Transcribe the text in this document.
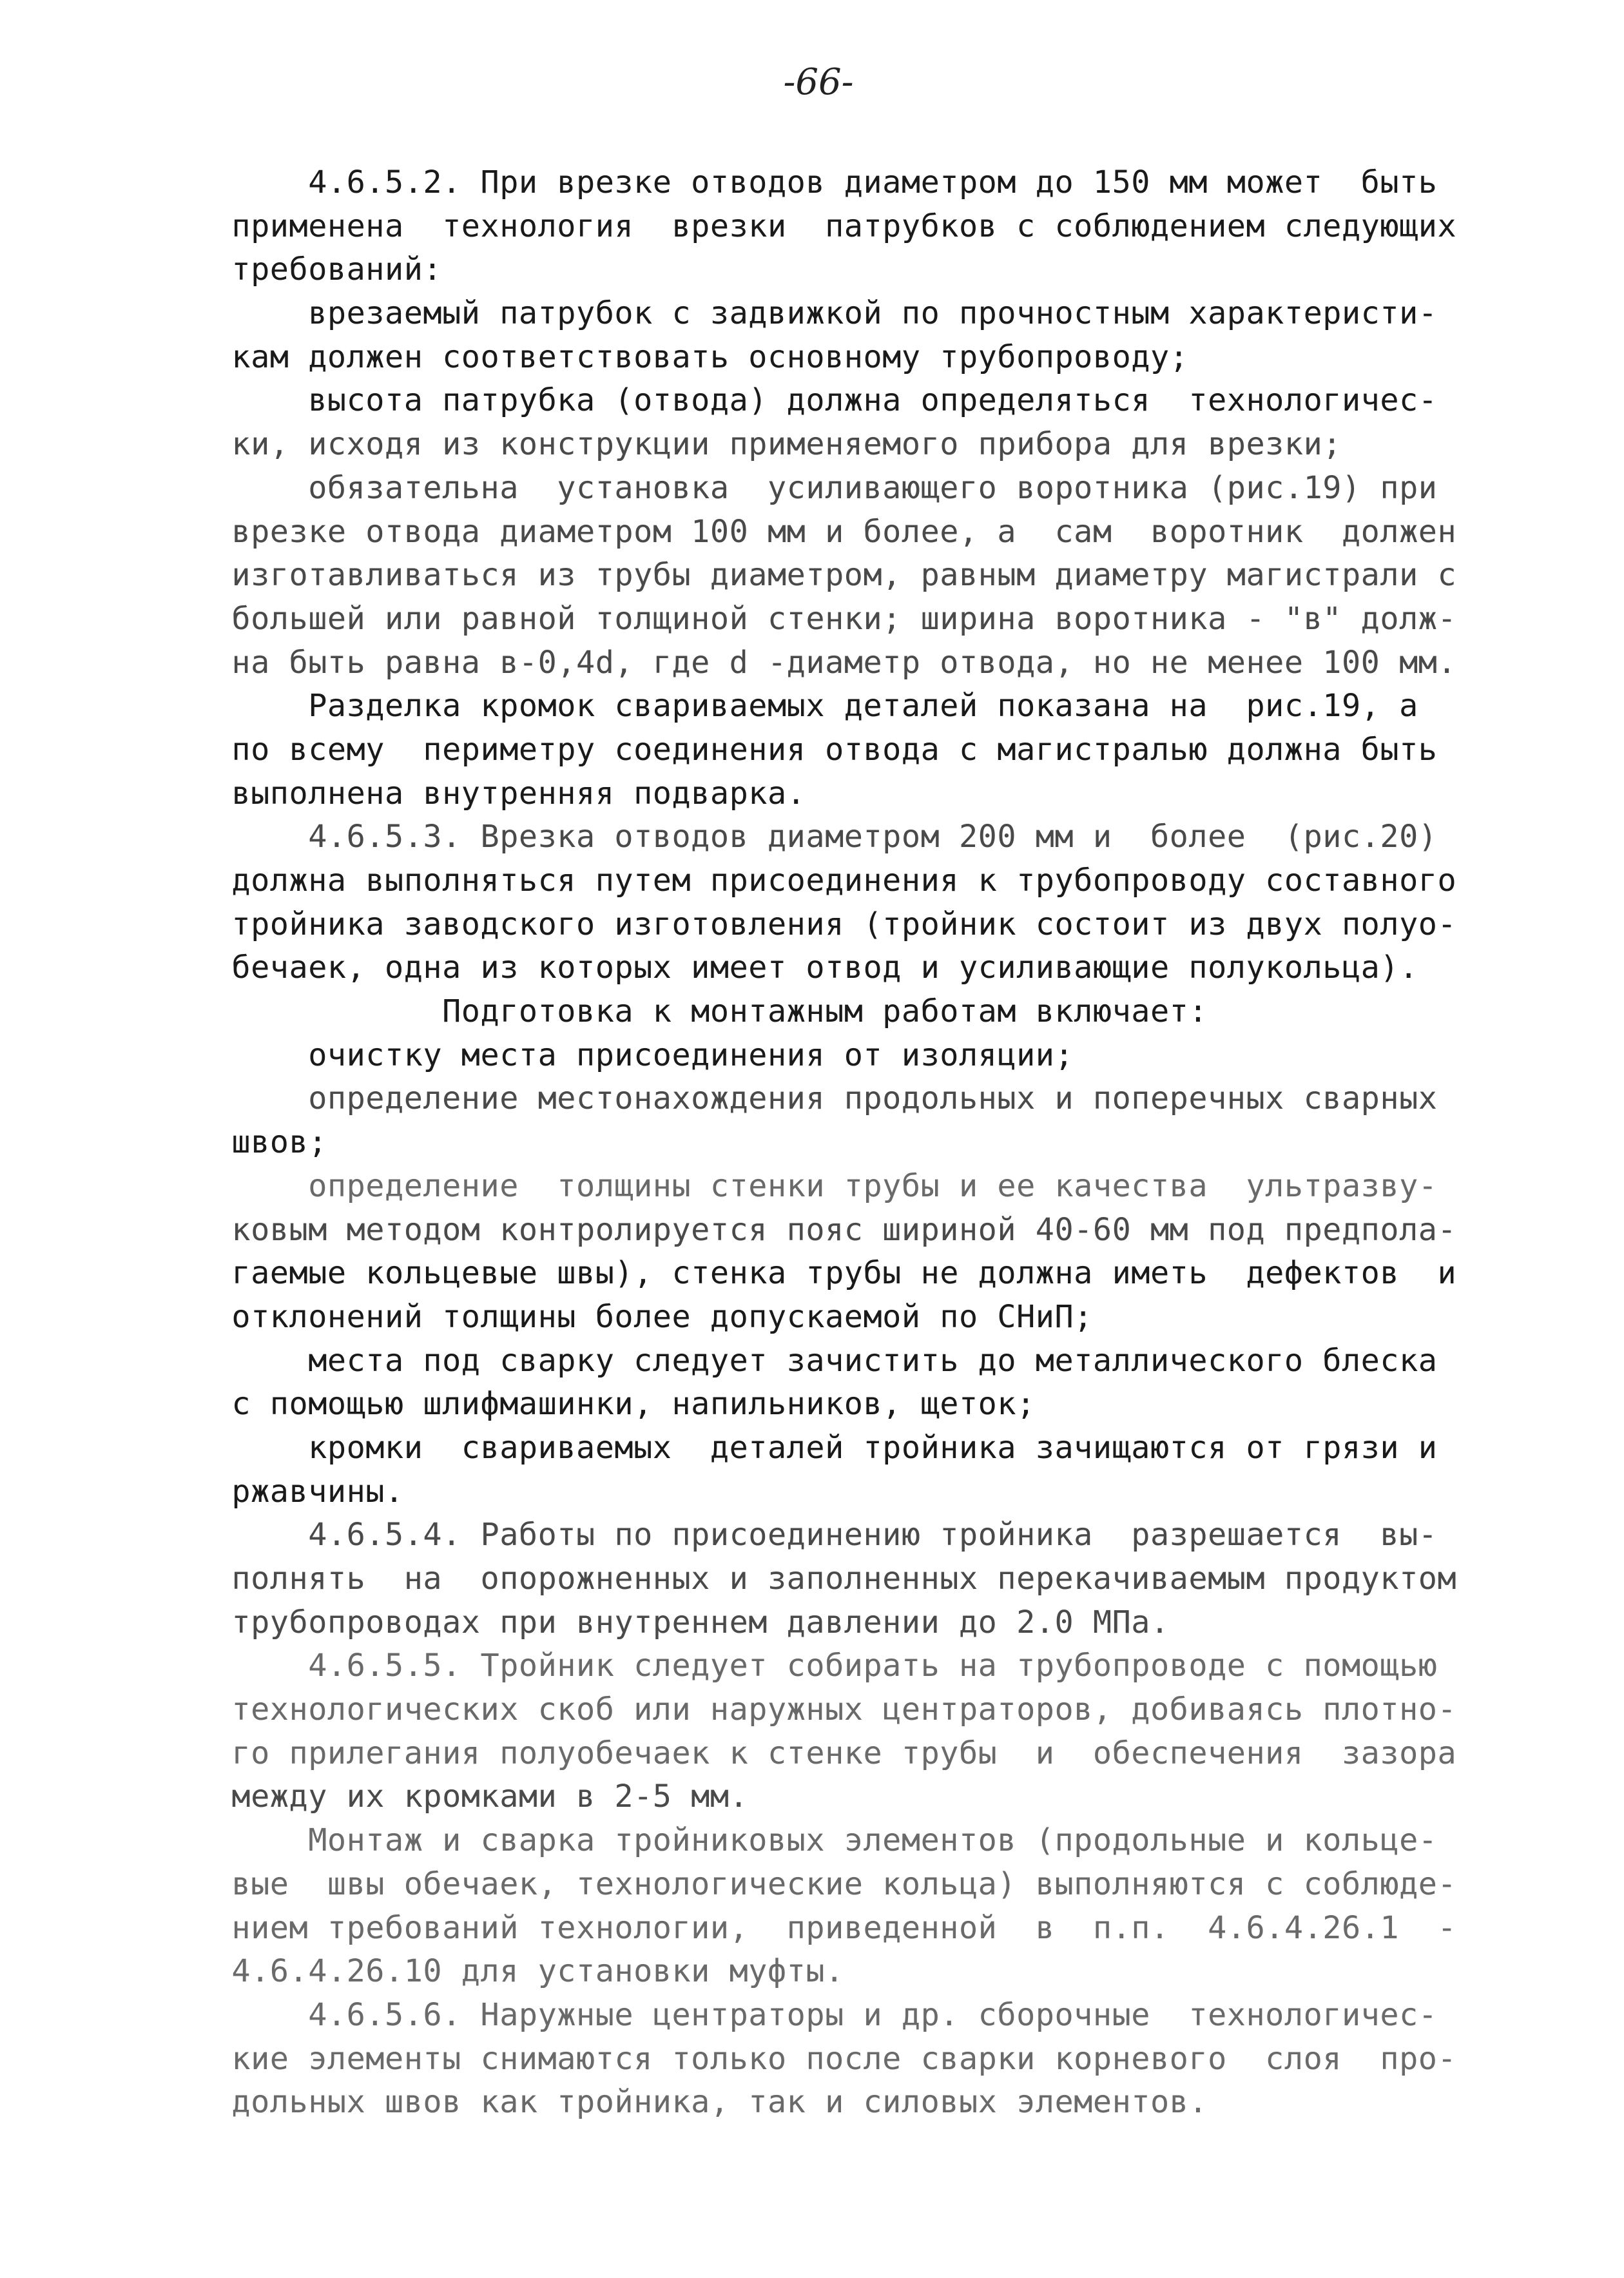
-66-
4.6.5.2. При врезке отводов диаметром до 150 мм может  быть
применена  технология  врезки  патрубков с соблюдением следующих
требований:
врезаемый патрубок с задвижкой по прочностным характеристи-
кам должен соответствовать основному трубопроводу;
высота патрубка (отвода) должна определяться  технологичес-
ки, исходя из конструкции применяемого прибора для врезки;
обязательна  установка  усиливающего воротника (рис.19) при
врезке отвода диаметром 100 мм и более, а  сам  воротник  должен
изготавливаться из трубы диаметром, равным диаметру магистрали с
большей или равной толщиной стенки; ширина воротника - "в" долж-
на быть равна в-0,4d, где d -диаметр отвода, но не менее 100 мм.
Разделка кромок свариваемых деталей показана на  рис.19, а
по всему  периметру соединения отвода с магистралью должна быть
выполнена внутренняя подварка.
4.6.5.3. Врезка отводов диаметром 200 мм и  более  (рис.20)
должна выполняться путем присоединения к трубопроводу составного
тройника заводского изготовления (тройник состоит из двух полуо-
бечаек, одна из которых имеет отвод и усиливающие полукольца).
Подготовка к монтажным работам включает:
очистку места присоединения от изоляции;
определение местонахождения продольных и поперечных сварных
швов;
определение  толщины стенки трубы и ее качества  ультразву-
ковым методом контролируется пояс шириной 40-60 мм под предпола-
гаемые кольцевые швы), стенка трубы не должна иметь  дефектов  и
отклонений толщины более допускаемой по СНиП;
места под сварку следует зачистить до металлического блеска
с помощью шлифмашинки, напильников, щеток;
кромки  свариваемых  деталей тройника зачищаются от грязи и
ржавчины.
4.6.5.4. Работы по присоединению тройника  разрешается  вы-
полнять  на  опорожненных и заполненных перекачиваемым продуктом
трубопроводах при внутреннем давлении до 2.0 МПа.
4.6.5.5. Тройник следует собирать на трубопроводе с помощью
технологических скоб или наружных центраторов, добиваясь плотно-
го прилегания полуобечаек к стенке трубы  и  обеспечения  зазора
между их кромками в 2-5 мм.
Монтаж и сварка тройниковых элементов (продольные и кольце-
вые  швы обечаек, технологические кольца) выполняются с соблюде-
нием требований технологии,  приведенной  в  п.п.  4.6.4.26.1  -
4.6.4.26.10 для установки муфты.
4.6.5.6. Наружные центраторы и др. сборочные  технологичес-
кие элементы снимаются только после сварки корневого  слоя  про-
дольных швов как тройника, так и силовых элементов.
